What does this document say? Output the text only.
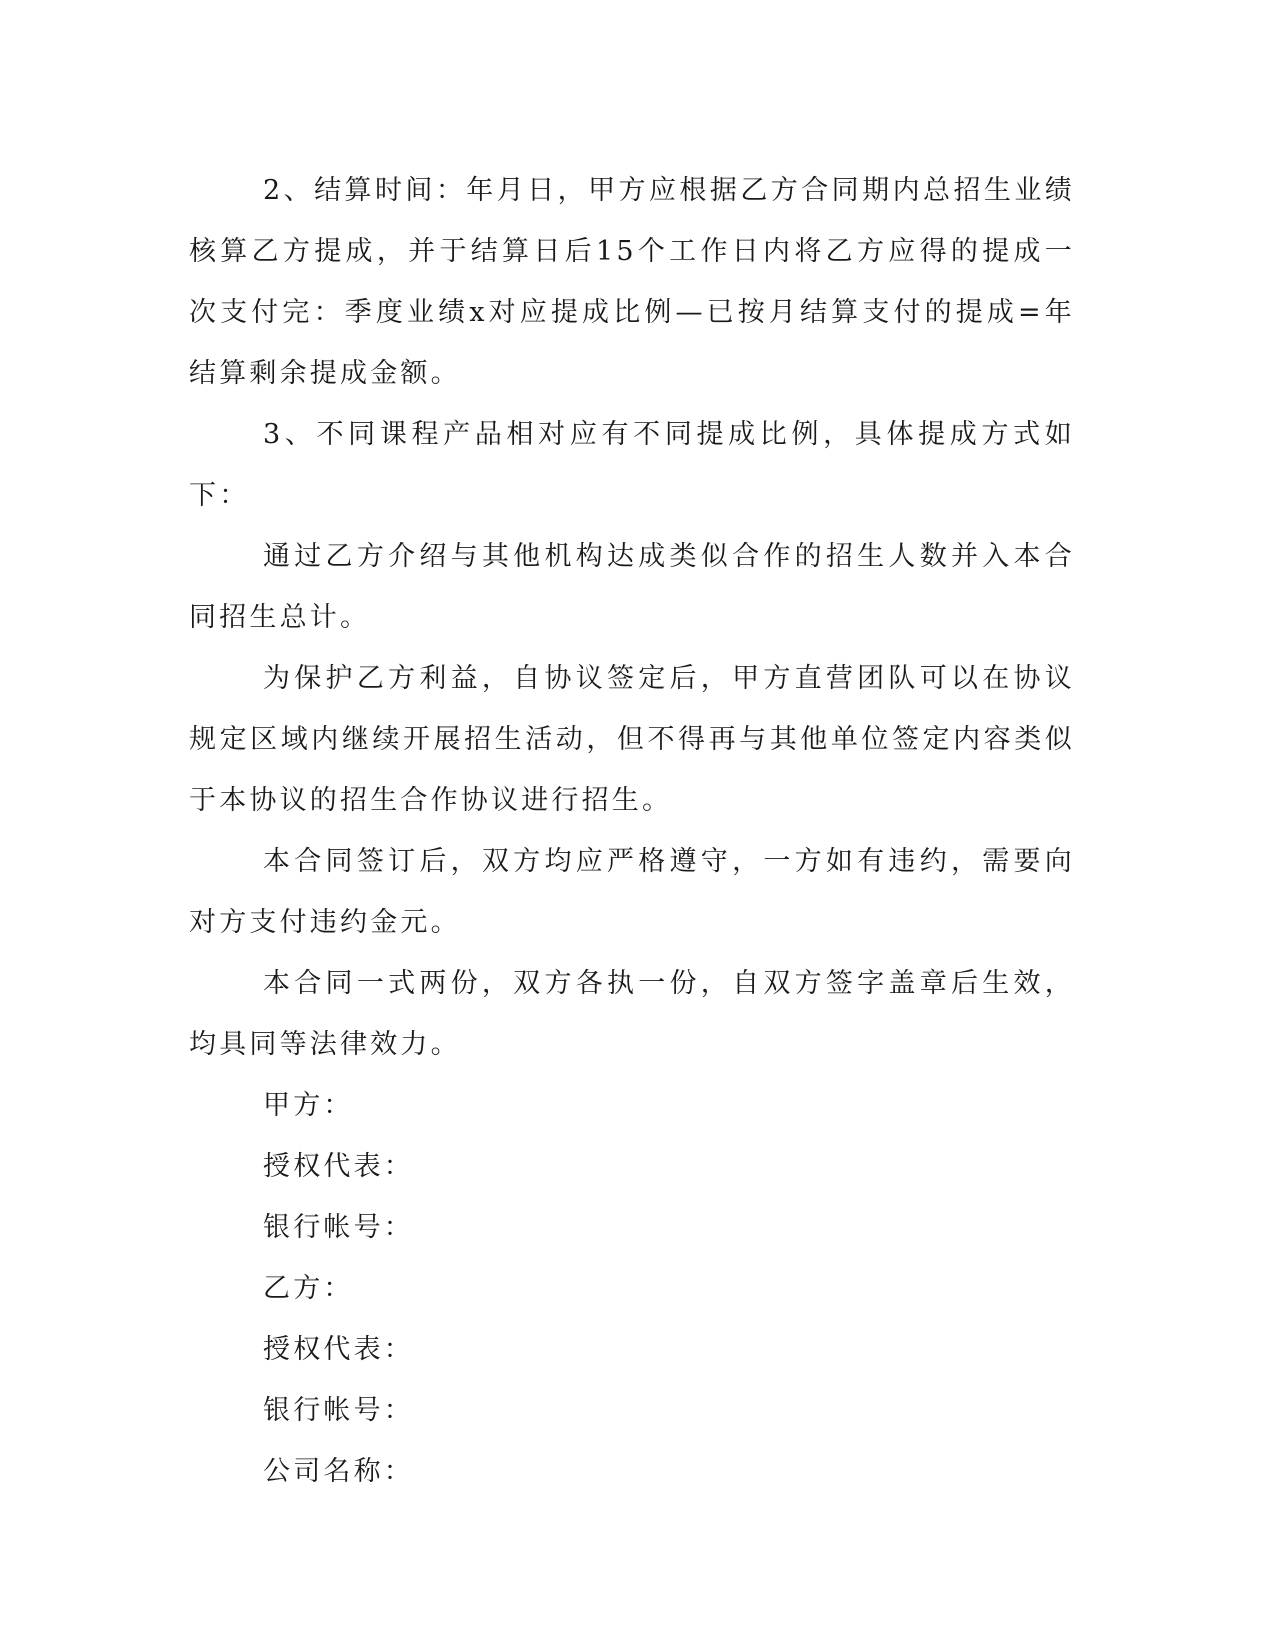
2、结算时间：年月日，甲方应根据乙方合同期内总招生业绩核算乙方提成，并于结算日后15个工作日内将乙方应得的提成一次支付完：季度业绩x对应提成比例—已按月结算支付的提成=年结算剩余提成金额。

3、不同课程产品相对应有不同提成比例，具体提成方式如下：

通过乙方介绍与其他机构达成类似合作的招生人数并入本合同招生总计。

为保护乙方利益，自协议签定后，甲方直营团队可以在协议规定区域内继续开展招生活动，但不得再与其他单位签定内容类似于本协议的招生合作协议进行招生。

本合同签订后，双方均应严格遵守，一方如有违约，需要向对方支付违约金元。

本合同一式两份，双方各执一份，自双方签字盖章后生效，均具同等法律效力。

甲方：

授权代表：

银行帐号：

乙方：

授权代表：

银行帐号：

公司名称：
